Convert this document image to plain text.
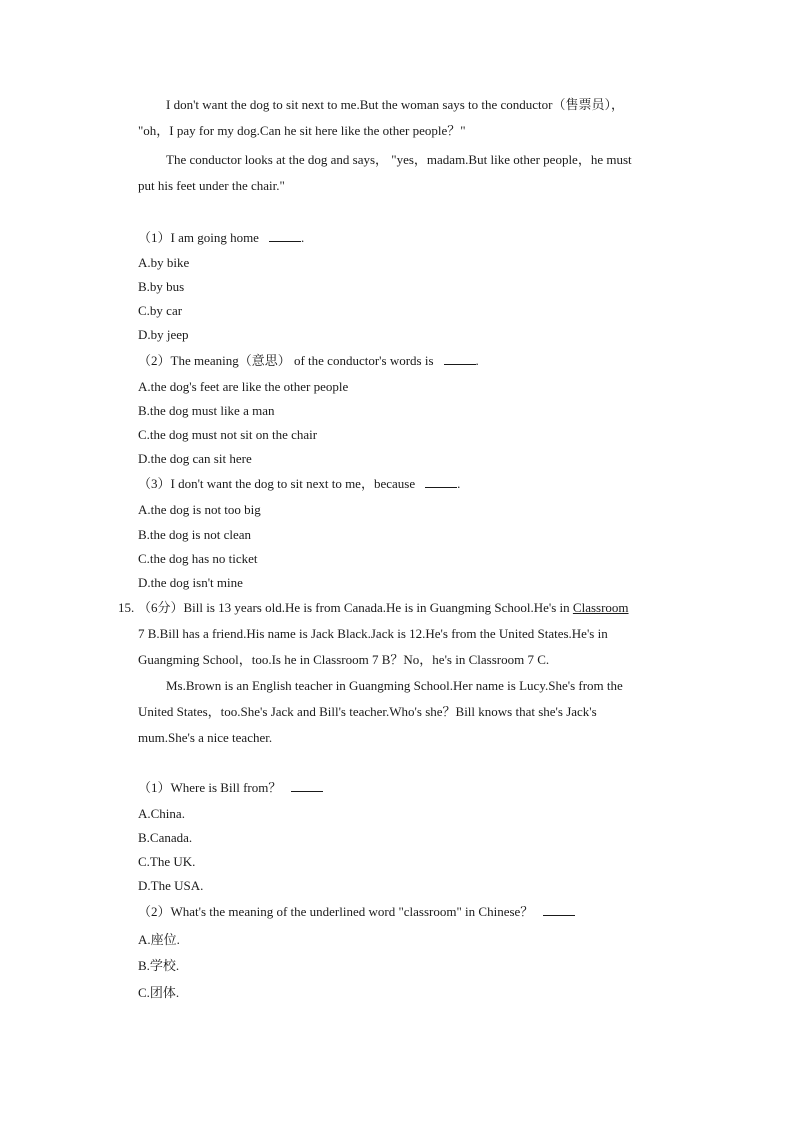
I don't want the dog to sit next to me.But the woman says to the conductor（售票员），

"oh，I pay for my dog.Can he sit here like the other people？"

The conductor looks at the dog and says， "yes，madam.But like other people，he must

put his feet under the chair."

（1）I am going home	.
A.by bike
B.by bus
C.by car
D.by jeep
（2）The meaning（意思） of the conductor's words is	.
A.the dog's feet are like the other people
B.the dog must like a man
C.the dog must not sit on the chair
D.the dog can sit here
（3）I don't want the dog to sit next to me，because	.
A.the dog is not too big
B.the dog is not clean
C.the dog has no ticket
D.the dog isn't mine
15. （6分）Bill is 13 years old.He is from Canada.He is in Guangming School.He's in Classroom

7 B.Bill has a friend.His name is Jack Black.Jack is 12.He's from the United States.He's in

Guangming School，too.Is he in Classroom 7 B？No，he's in Classroom 7 C.

Ms.Brown is an English teacher in Guangming School.Her name is Lucy.She's from the

United States，too.She's Jack and Bill's teacher.Who's she？Bill knows that she's Jack's

mum.She's a nice teacher.

（1）Where is Bill from？
A.China.
B.Canada.
C.The UK.
D.The USA.
（2）What's the meaning of the underlined word "classroom" in Chinese？
A.座位.
B.学校.
C.团体.
